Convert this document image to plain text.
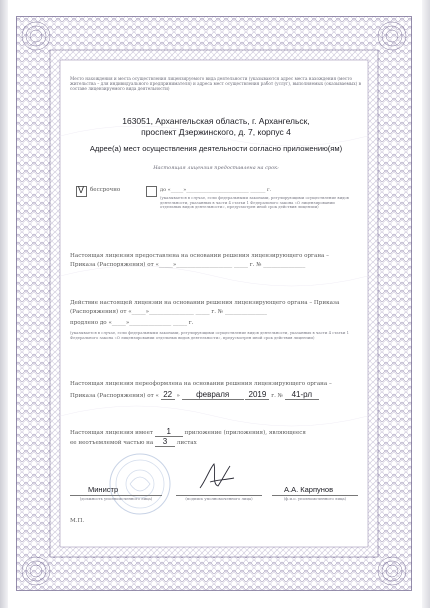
Место нахождения и места осуществления лицензируемого вида деятельности (указываются адрес места нахождения (место жительства – для индивидуального предпринимателя) и адреса мест осуществления работ (услуг), выполняемых (оказываемых) в составе лицензируемого вида деятельности)
163051, Архангельская область, г. Архангельск,
проспект Дзержинского, д. 7, корпус 4
Адрее(а) мест осуществления деятельности согласно приложению(ям)
Настоящая лицензия предоставлена на срок:
V бессрочно	до «_____»_________________________ ______ г.
(указывается в случае, если федеральными законами, регулирующими осуществление видов деятельности, указанных в части 4 статьи 1 Федерального закона «О лицензировании отдельных видов деятельности», предусмотрен иной срок действия лицензии)
Настоящая лицензия предоставлена на основании решения лицензирующего органа –
Приказа (Распоряжения) от «_____»____________________ _____ г. № _______________
Действие настоящей лицензии на основании решения лицензирующего органа – Приказа
(Распоряжения) от «_____»________________ _____ г. № _______________
продлено до «_____»_______________ _____ г.
(указывается в случае, если федеральными законами, регулирующими осуществление видов деятельности, указанных в части 4 статьи 1 Федерального закона «О лицензировании отдельных видов деятельности», предусмотрен иной срок действия лицензии)
Настоящая лицензия переоформлена на основании решения лицензирующего органа –
Приказа (Распоряжения) от « 22 » февраля 2019 г. № 41-рл
Настоящая лицензия имеет 1 приложение (приложения), являющееся
ее неотъемлемой частью на 3 листах
Министр
(должность уполномоченного лица)	(подпись уполномоченного лица)
А.А. Карпунов
(ф.и.о. уполномоченного лица)
М.П.
